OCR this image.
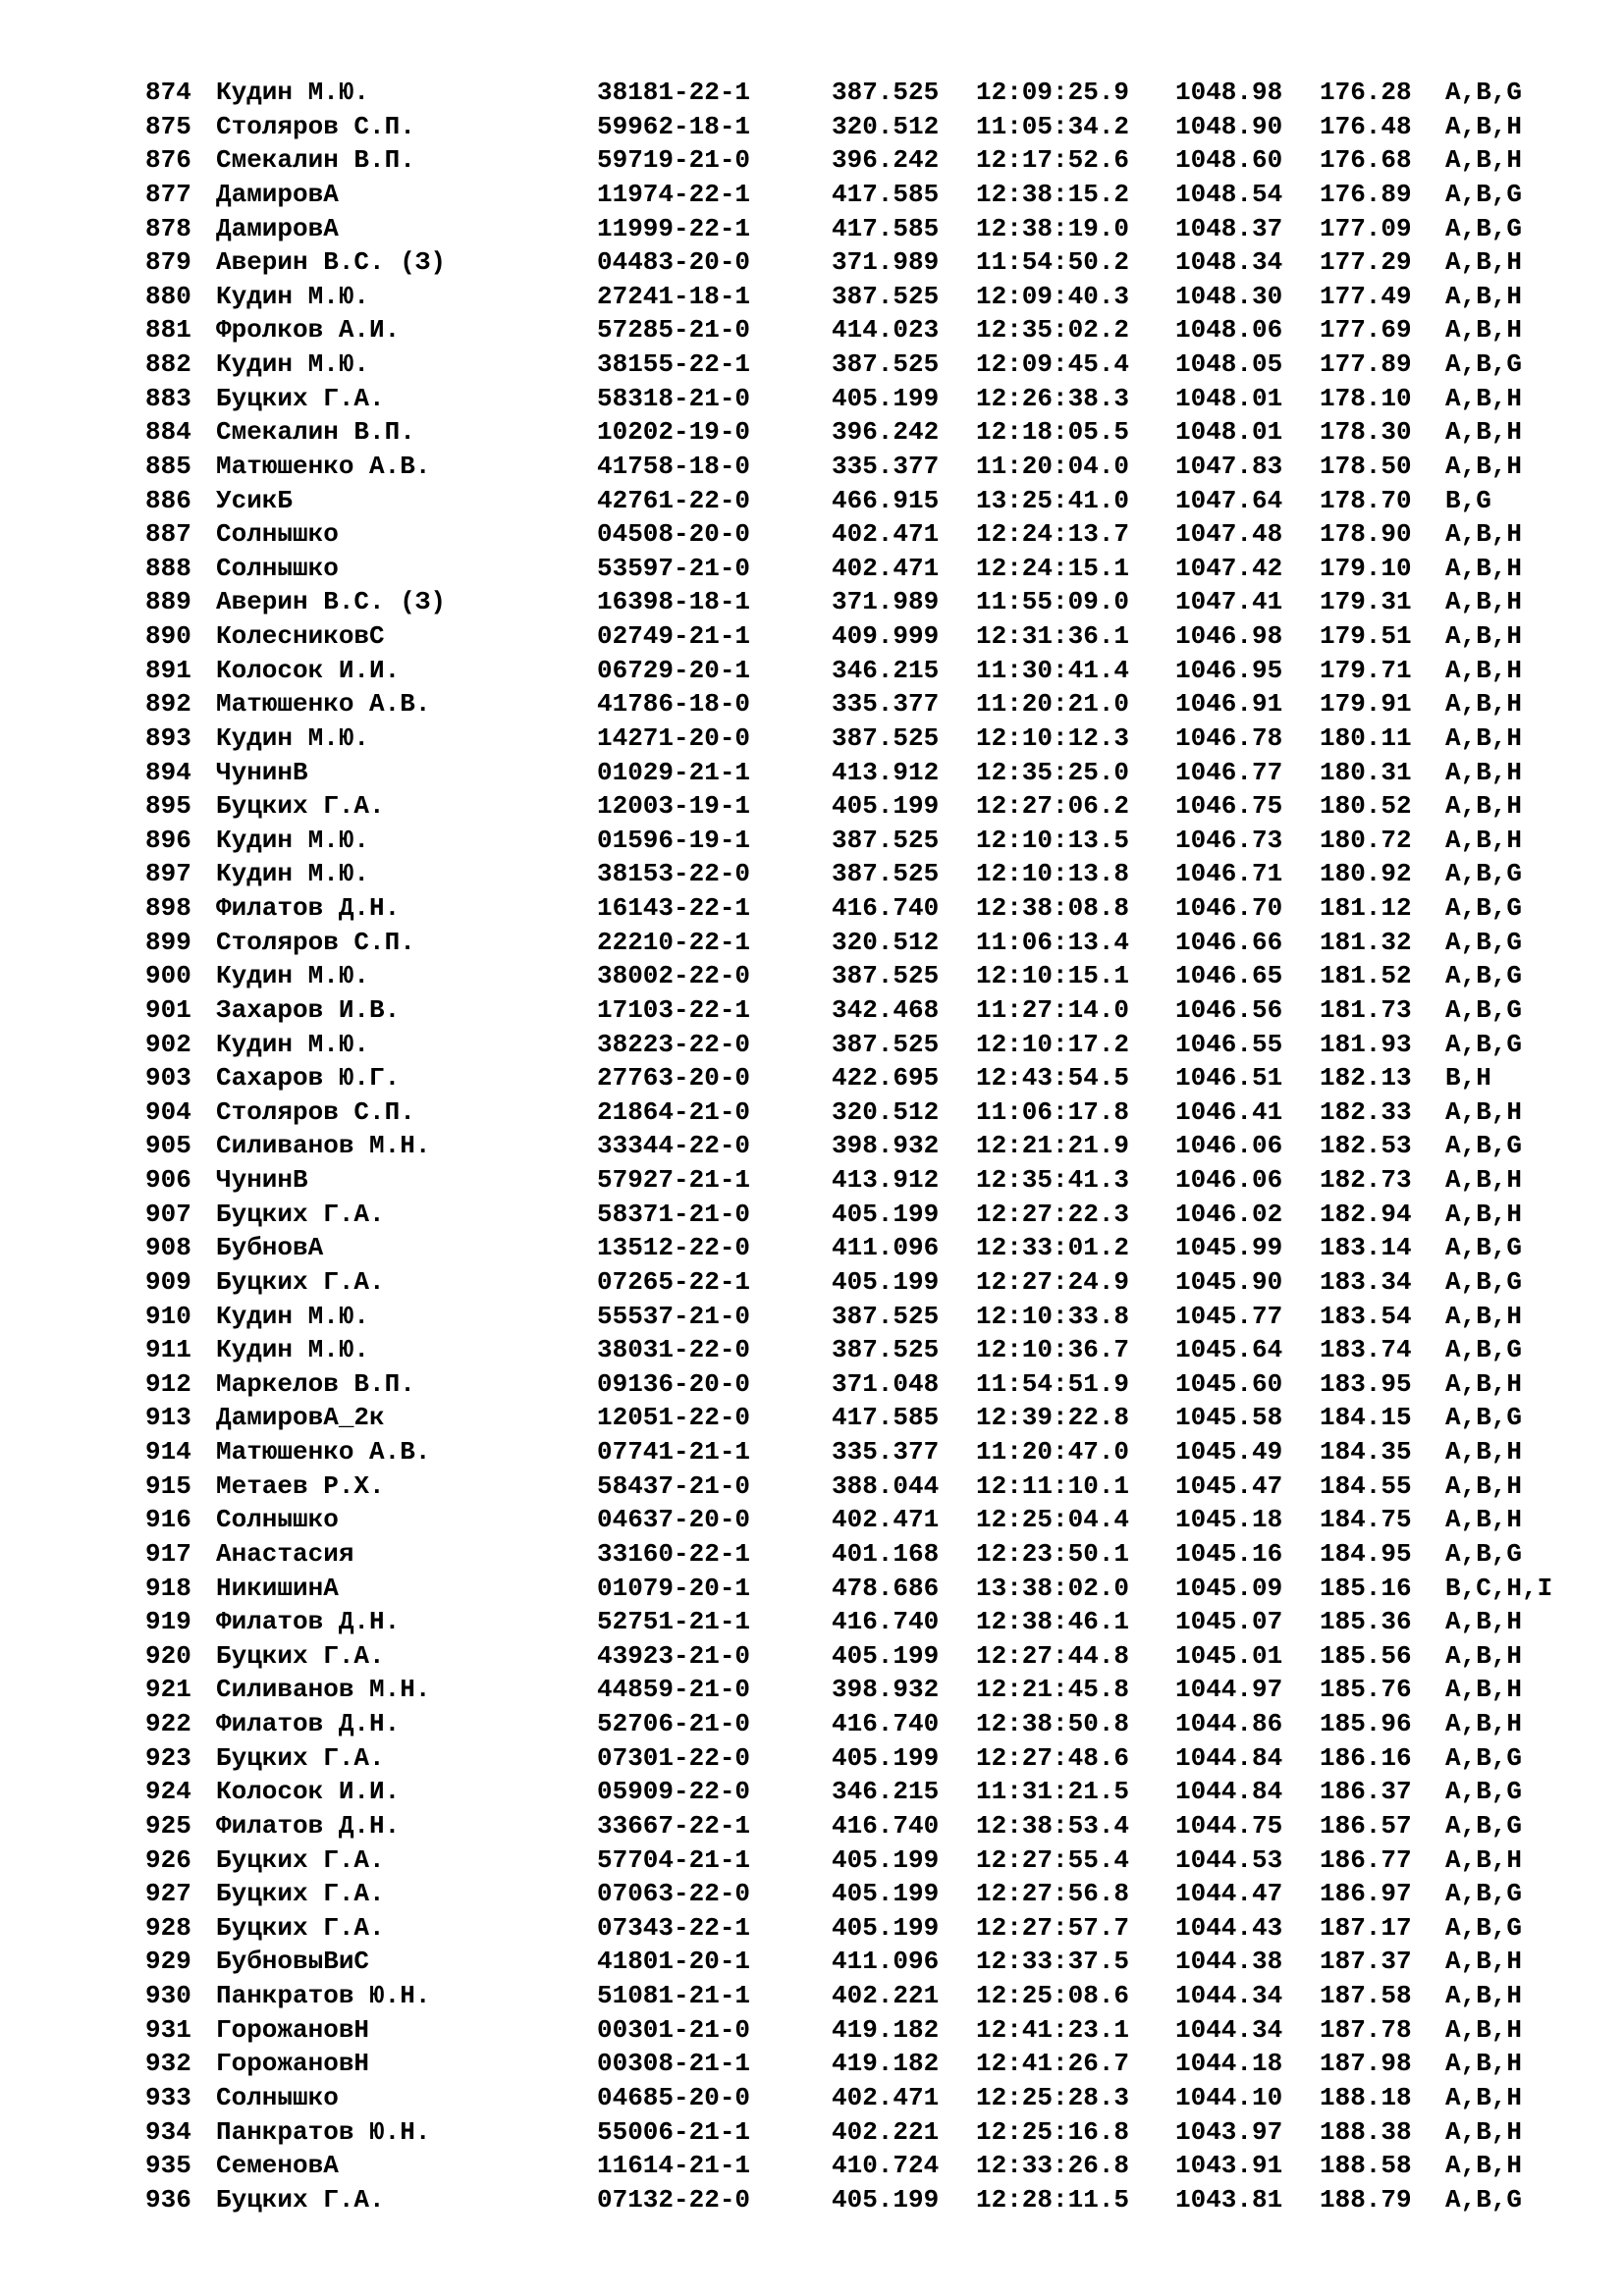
874 Кудин М.Ю.	38181-22-1	387.525 12:09:25.9 1048.98 176.28 A,B,G
875 Столяров С.П.	59962-18-1	320.512 11:05:34.2 1048.90 176.48 A,B,H
876 Смекалин В.П.	59719-21-0	396.242 12:17:52.6 1048.60 176.68 A,B,H
877 ДамировА	11974-22-1	417.585 12:38:15.2 1048.54 176.89 A,B,G
878 ДамировА	11999-22-1	417.585 12:38:19.0 1048.37 177.09 A,B,G
879 Аверин В.С. (З)	04483-20-0	371.989 11:54:50.2 1048.34 177.29 A,B,H
880 Кудин М.Ю.	27241-18-1	387.525 12:09:40.3 1048.30 177.49 A,B,H
881 Фролков А.И.	57285-21-0	414.023 12:35:02.2 1048.06 177.69 A,B,H
882 Кудин М.Ю.	38155-22-1	387.525 12:09:45.4 1048.05 177.89 A,B,G
883 Буцких Г.А.	58318-21-0	405.199 12:26:38.3 1048.01 178.10 A,B,H
884 Смекалин В.П.	10202-19-0	396.242 12:18:05.5 1048.01 178.30 A,B,H
885 Матюшенко А.В.	41758-18-0	335.377 11:20:04.0 1047.83 178.50 A,B,H
886 УсикБ	42761-22-0	466.915 13:25:41.0 1047.64 178.70 B,G
887 Солнышко	04508-20-0	402.471 12:24:13.7 1047.48 178.90 A,B,H
888 Солнышко	53597-21-0	402.471 12:24:15.1 1047.42 179.10 A,B,H
889 Аверин В.С. (З)	16398-18-1	371.989 11:55:09.0 1047.41 179.31 A,B,H
890 КолесниковС	02749-21-1	409.999 12:31:36.1 1046.98 179.51 A,B,H
891 Колосок И.И.	06729-20-1	346.215 11:30:41.4 1046.95 179.71 A,B,H
892 Матюшенко А.В.	41786-18-0	335.377 11:20:21.0 1046.91 179.91 A,B,H
893 Кудин М.Ю.	14271-20-0	387.525 12:10:12.3 1046.78 180.11 A,B,H
894 ЧунинВ	01029-21-1	413.912 12:35:25.0 1046.77 180.31 A,B,H
895 Буцких Г.А.	12003-19-1	405.199 12:27:06.2 1046.75 180.52 A,B,H
896 Кудин М.Ю.	01596-19-1	387.525 12:10:13.5 1046.73 180.72 A,B,H
897 Кудин М.Ю.	38153-22-0	387.525 12:10:13.8 1046.71 180.92 A,B,G
898 Филатов Д.Н.	16143-22-1	416.740 12:38:08.8 1046.70 181.12 A,B,G
899 Столяров С.П.	22210-22-1	320.512 11:06:13.4 1046.66 181.32 A,B,G
900 Кудин М.Ю.	38002-22-0	387.525 12:10:15.1 1046.65 181.52 A,B,G
901 Захаров И.В.	17103-22-1	342.468 11:27:14.0 1046.56 181.73 A,B,G
902 Кудин М.Ю.	38223-22-0	387.525 12:10:17.2 1046.55 181.93 A,B,G
903 Сахаров Ю.Г.	27763-20-0	422.695 12:43:54.5 1046.51 182.13 B,H
904 Столяров С.П.	21864-21-0	320.512 11:06:17.8 1046.41 182.33 A,B,H
905 Силиванов М.Н.	33344-22-0	398.932 12:21:21.9 1046.06 182.53 A,B,G
906 ЧунинВ	57927-21-1	413.912 12:35:41.3 1046.06 182.73 A,B,H
907 Буцких Г.А.	58371-21-0	405.199 12:27:22.3 1046.02 182.94 A,B,H
908 БубновА	13512-22-0	411.096 12:33:01.2 1045.99 183.14 A,B,G
909 Буцких Г.А.	07265-22-1	405.199 12:27:24.9 1045.90 183.34 A,B,G
910 Кудин М.Ю.	55537-21-0	387.525 12:10:33.8 1045.77 183.54 A,B,H
911 Кудин М.Ю.	38031-22-0	387.525 12:10:36.7 1045.64 183.74 A,B,G
912 Маркелов В.П.	09136-20-0	371.048 11:54:51.9 1045.60 183.95 A,B,H
913 ДамировА_2к	12051-22-0	417.585 12:39:22.8 1045.58 184.15 A,B,G
914 Матюшенко А.В.	07741-21-1	335.377 11:20:47.0 1045.49 184.35 A,B,H
915 Метаев Р.Х.	58437-21-0	388.044 12:11:10.1 1045.47 184.55 A,B,H
916 Солнышко	04637-20-0	402.471 12:25:04.4 1045.18 184.75 A,B,H
917 Анастасия	33160-22-1	401.168 12:23:50.1 1045.16 184.95 A,B,G
918 НикишинА	01079-20-1	478.686 13:38:02.0 1045.09 185.16 B,C,H,I
919 Филатов Д.Н.	52751-21-1	416.740 12:38:46.1 1045.07 185.36 A,B,H
920 Буцких Г.А.	43923-21-0	405.199 12:27:44.8 1045.01 185.56 A,B,H
921 Силиванов М.Н.	44859-21-0	398.932 12:21:45.8 1044.97 185.76 A,B,H
922 Филатов Д.Н.	52706-21-0	416.740 12:38:50.8 1044.86 185.96 A,B,H
923 Буцких Г.А.	07301-22-0	405.199 12:27:48.6 1044.84 186.16 A,B,G
924 Колосок И.И.	05909-22-0	346.215 11:31:21.5 1044.84 186.37 A,B,G
925 Филатов Д.Н.	33667-22-1	416.740 12:38:53.4 1044.75 186.57 A,B,G
926 Буцких Г.А.	57704-21-1	405.199 12:27:55.4 1044.53 186.77 A,B,H
927 Буцких Г.А.	07063-22-0	405.199 12:27:56.8 1044.47 186.97 A,B,G
928 Буцких Г.А.	07343-22-1	405.199 12:27:57.7 1044.43 187.17 A,B,G
929 БубновыВиС	41801-20-1	411.096 12:33:37.5 1044.38 187.37 A,B,H
930 Панкратов Ю.Н.	51081-21-1	402.221 12:25:08.6 1044.34 187.58 A,B,H
931 ГорожановН	00301-21-0	419.182 12:41:23.1 1044.34 187.78 A,B,H
932 ГорожановН	00308-21-1	419.182 12:41:26.7 1044.18 187.98 A,B,H
933 Солнышко	04685-20-0	402.471 12:25:28.3 1044.10 188.18 A,B,H
934 Панкратов Ю.Н.	55006-21-1	402.221 12:25:16.8 1043.97 188.38 A,B,H
935 СеменовА	11614-21-1	410.724 12:33:26.8 1043.91 188.58 A,B,H
936 Буцких Г.А.	07132-22-0	405.199 12:28:11.5 1043.81 188.79 A,B,G
